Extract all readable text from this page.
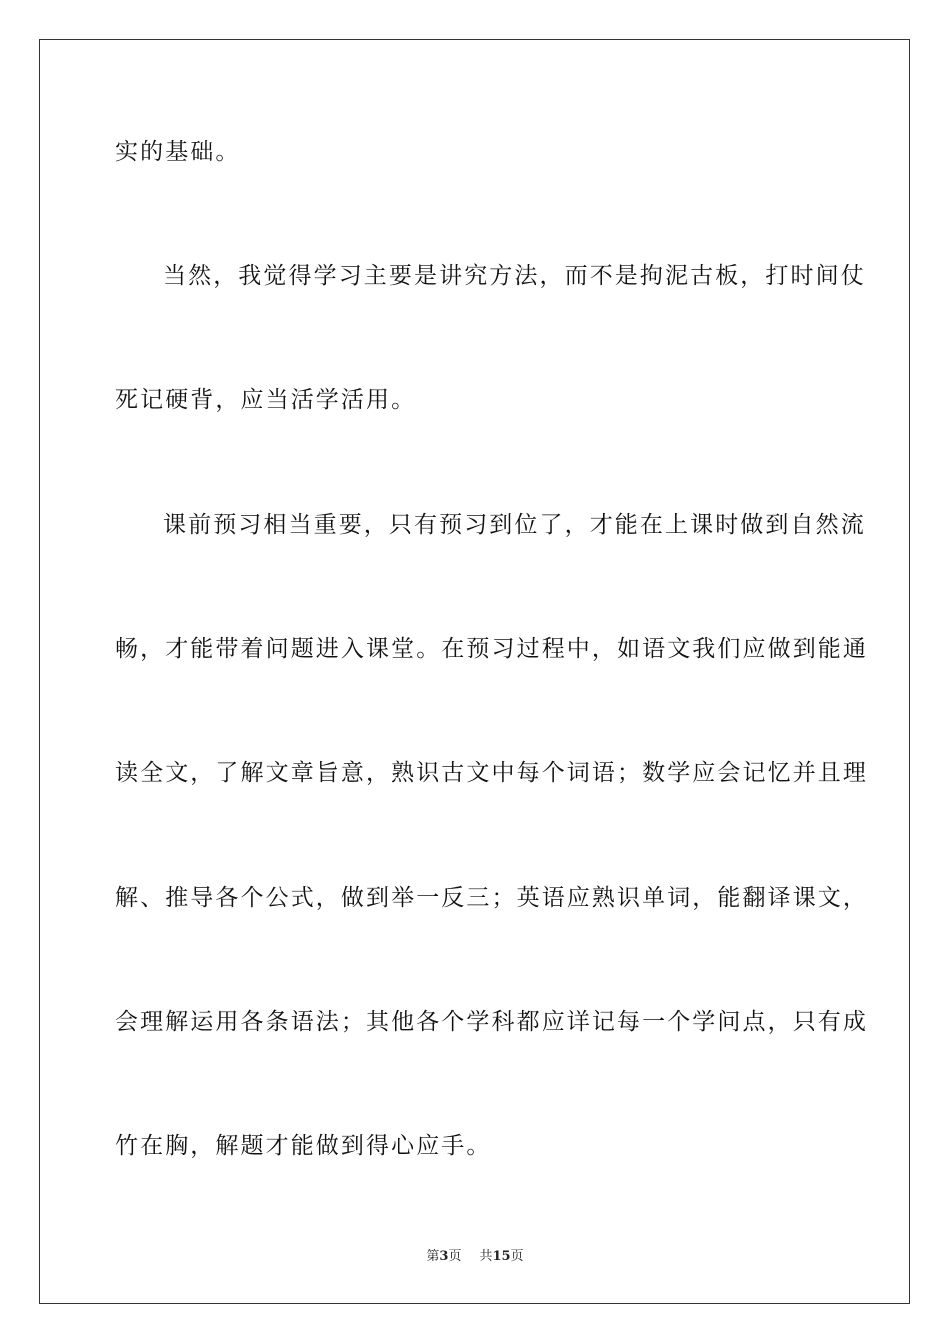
实的基础。
当然，我觉得学习主要是讲究方法，而不是拘泥古板，打时间仗
死记硬背，应当活学活用。
课前预习相当重要，只有预习到位了，才能在上课时做到自然流
畅，才能带着问题进入课堂。在预习过程中，如语文我们应做到能通
读全文，了解文章旨意，熟识古文中每个词语；数学应会记忆并且理
解、推导各个公式，做到举一反三；英语应熟识单词，能翻译课文，
会理解运用各条语法；其他各个学科都应详记每一个学问点，只有成
竹在胸，解题才能做到得心应手。
第3页 共15页
